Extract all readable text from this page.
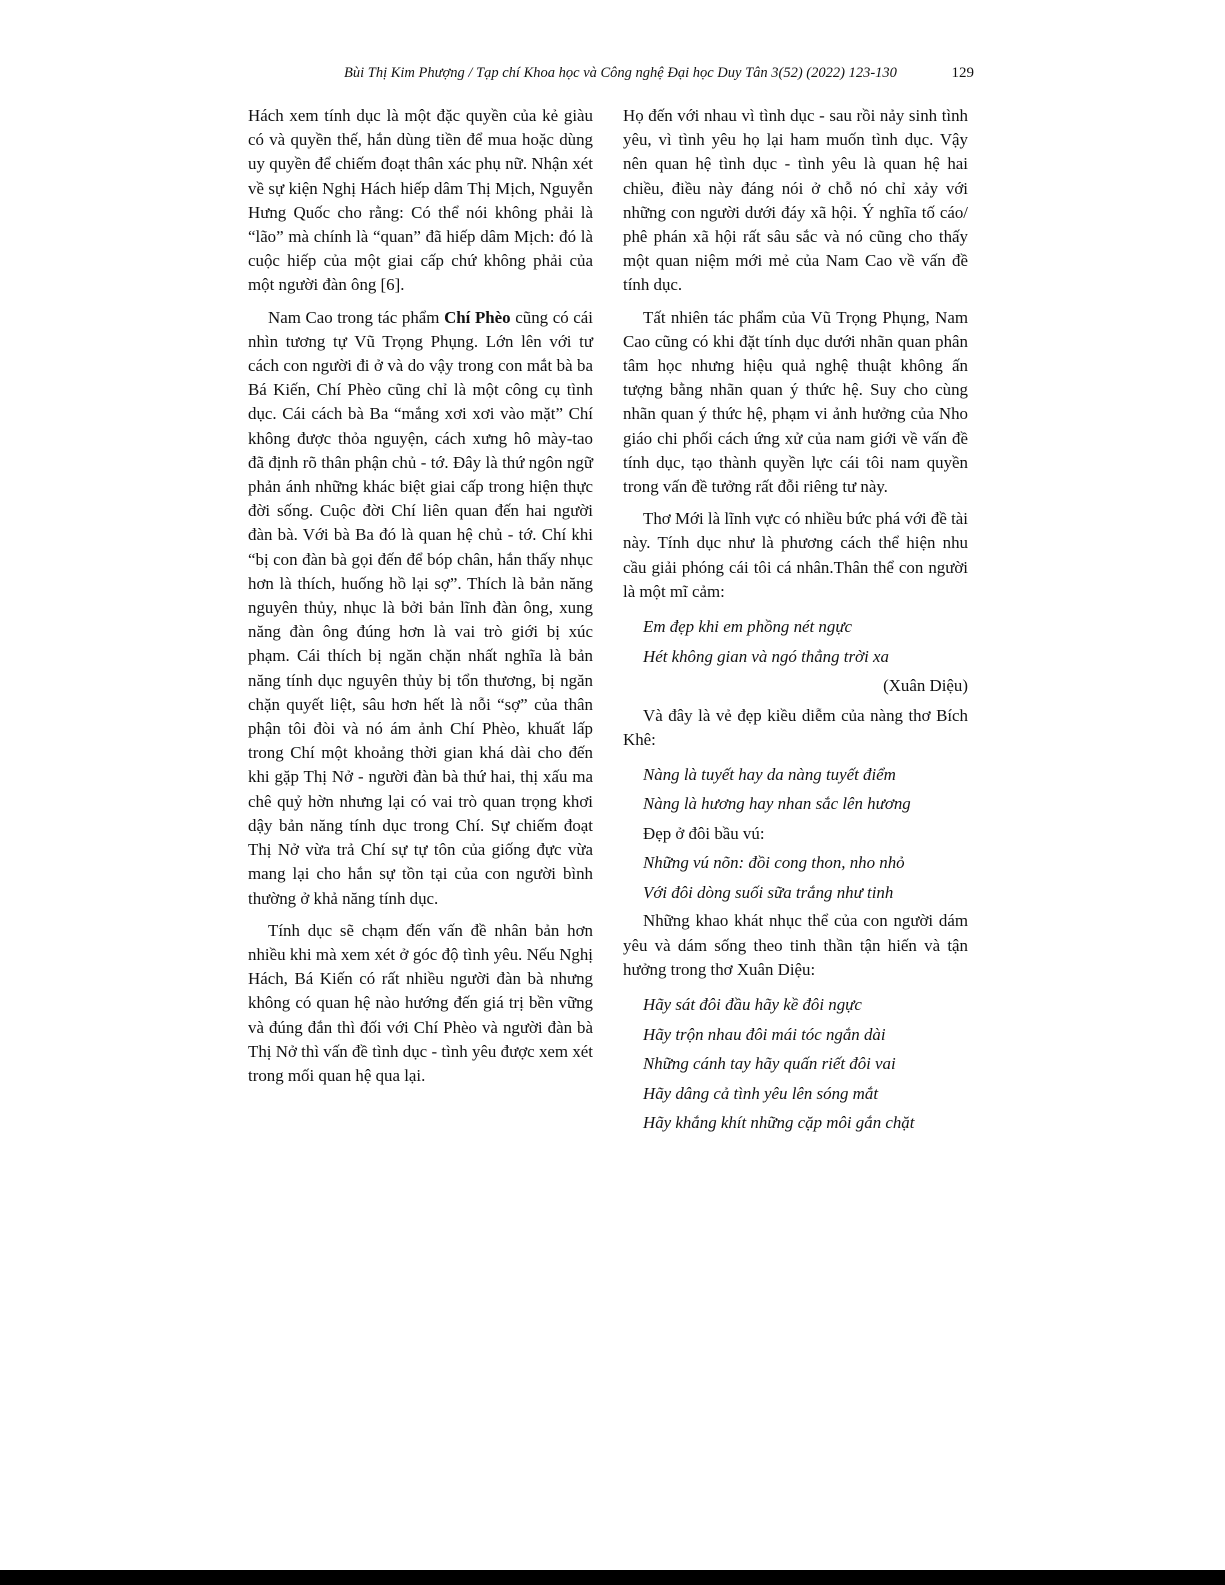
Bùi Thị Kim Phượng / Tạp chí Khoa học và Công nghệ Đại học Duy Tân 3(52) (2022) 123-130	129

Hách xem tính dục là một đặc quyền của kẻ giàu có và quyền thế, hắn dùng tiền để mua hoặc dùng uy quyền để chiếm đoạt thân xác phụ nữ. Nhận xét về sự kiện Nghị Hách hiếp dâm Thị Mịch, Nguyễn Hưng Quốc cho rằng: Có thể nói không phải là “lão” mà chính là “quan” đã hiếp dâm Mịch: đó là cuộc hiếp của một giai cấp chứ không phải của một người đàn ông [6].

Nam Cao trong tác phẩm Chí Phèo cũng có cái nhìn tương tự Vũ Trọng Phụng. Lớn lên với tư cách con người đi ở và do vậy trong con mắt bà ba Bá Kiến, Chí Phèo cũng chỉ là một công cụ tình dục. Cái cách bà Ba “mắng xơi xơi vào mặt” Chí không được thỏa nguyện, cách xưng hô mày-tao đã định rõ thân phận chủ - tớ. Đây là thứ ngôn ngữ phản ánh những khác biệt giai cấp trong hiện thực đời sống. Cuộc đời Chí liên quan đến hai người đàn bà. Với bà Ba đó là quan hệ chủ - tớ. Chí khi “bị con đàn bà gọi đến để bóp chân, hắn thấy nhục hơn là thích, huống hồ lại sợ”. Thích là bản năng nguyên thủy, nhục là bởi bản lĩnh đàn ông, xung năng đàn ông đúng hơn là vai trò giới bị xúc phạm. Cái thích bị ngăn chặn nhất nghĩa là bản năng tính dục nguyên thủy bị tổn thương, bị ngăn chặn quyết liệt, sâu hơn hết là nỗi “sợ” của thân phận tôi đòi và nó ám ảnh Chí Phèo, khuất lấp trong Chí một khoảng thời gian khá dài cho đến khi gặp Thị Nở - người đàn bà thứ hai, thị xấu ma chê quỷ hờn nhưng lại có vai trò quan trọng khơi dậy bản năng tính dục trong Chí. Sự chiếm đoạt Thị Nở vừa trả Chí sự tự tôn của giống đực vừa mang lại cho hắn sự tồn tại của con người bình thường ở khả năng tính dục.

Tính dục sẽ chạm đến vấn đề nhân bản hơn nhiều khi mà xem xét ở góc độ tình yêu. Nếu Nghị Hách, Bá Kiến có rất nhiều người đàn bà nhưng không có quan hệ nào hướng đến giá trị bền vững và đúng đắn thì đối với Chí Phèo và người đàn bà Thị Nở thì vấn đề tình dục - tình yêu được xem xét trong mối quan hệ qua lại.

Họ đến với nhau vì tình dục - sau rồi nảy sinh tình yêu, vì tình yêu họ lại ham muốn tình dục. Vậy nên quan hệ tình dục - tình yêu là quan hệ hai chiều, điều này đáng nói ở chỗ nó chỉ xảy với những con người dưới đáy xã hội. Ý nghĩa tố cáo/ phê phán xã hội rất sâu sắc và nó cũng cho thấy một quan niệm mới mẻ của Nam Cao về vấn đề tính dục.

Tất nhiên tác phẩm của Vũ Trọng Phụng, Nam Cao cũng có khi đặt tính dục dưới nhãn quan phân tâm học nhưng hiệu quả nghệ thuật không ấn tượng bằng nhãn quan ý thức hệ. Suy cho cùng nhãn quan ý thức hệ, phạm vi ảnh hưởng của Nho giáo chi phối cách ứng xử của nam giới về vấn đề tính dục, tạo thành quyền lực cái tôi nam quyền trong vấn đề tưởng rất đỗi riêng tư này.

Thơ Mới là lĩnh vực có nhiều bức phá với đề tài này. Tính dục như là phương cách thể hiện nhu cầu giải phóng cái tôi cá nhân.Thân thể con người là một mĩ cảm:

Em đẹp khi em phồng nét ngực

Hét không gian và ngó thẳng trời xa

(Xuân Diệu)

Và đây là vẻ đẹp kiều diễm của nàng thơ Bích Khê:

Nàng là tuyết hay da nàng tuyết điểm

Nàng là hương hay nhan sắc lên hương

Đẹp ở đôi bầu vú:

Những vú nõn: đồi cong thon, nho nhỏ

Với đôi dòng suối sữa trắng như tinh

Những khao khát nhục thể của con người dám yêu và dám sống theo tinh thần tận hiến và tận hưởng trong thơ Xuân Diệu:

Hãy sát đôi đầu hãy kề đôi ngực

Hãy trộn nhau đôi mái tóc ngắn dài

Những cánh tay hãy quấn riết đôi vai

Hãy dâng cả tình yêu lên sóng mắt

Hãy khắng khít những cặp môi gắn chặt
